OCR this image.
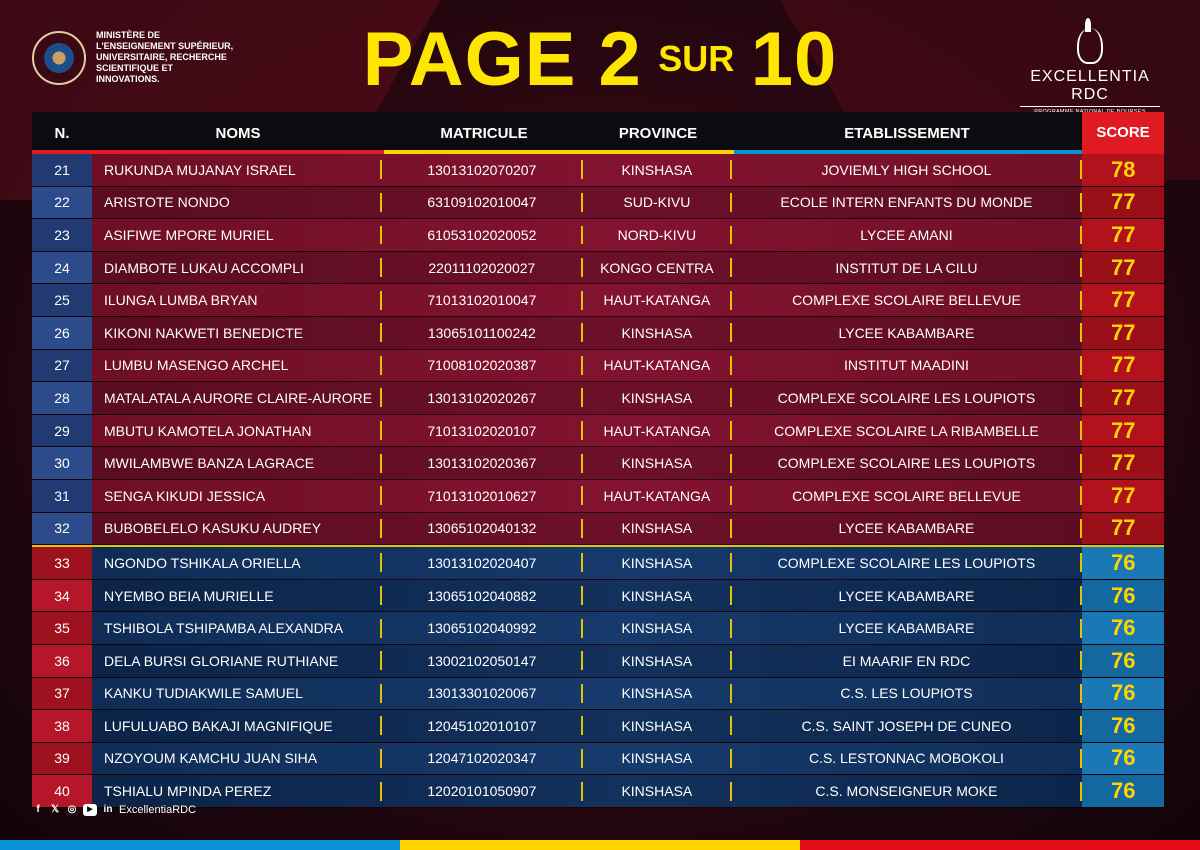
MINISTÈRE DE
L'ENSEIGNEMENT SUPÉRIEUR,
UNIVERSITAIRE, RECHERCHE
SCIENTIFIQUE ET INNOVATIONS.	PAGE 2 SUR 10	EXCELLENTIA RDC
N.	NOMS	MATRICULE	PROVINCE	ETABLISSEMENT	SCORE
21	RUKUNDA MUJANAY ISRAEL	13013102070207	KINSHASA	JOVIEMLY HIGH SCHOOL	78
22	ARISTOTE NONDO	63109102010047	SUD-KIVU	ECOLE INTERN ENFANTS DU MONDE	77
23	ASIFIWE MPORE MURIEL	61053102020052	NORD-KIVU	LYCEE AMANI	77
24	DIAMBOTE LUKAU ACCOMPLI	22011102020027	KONGO CENTRA	INSTITUT DE LA CILU	77
25	ILUNGA LUMBA BRYAN	71013102010047	HAUT-KATANGA	COMPLEXE SCOLAIRE BELLEVUE	77
26	KIKONI NAKWETI BENEDICTE	13065101100242	KINSHASA	LYCEE KABAMBARE	77
27	LUMBU MASENGO ARCHEL	71008102020387	HAUT-KATANGA	INSTITUT MAADINI	77
28	MATALATALA AURORE CLAIRE-AURORE	13013102020267	KINSHASA	COMPLEXE SCOLAIRE LES LOUPIOTS	77
29	MBUTU KAMOTELA JONATHAN	71013102020107	HAUT-KATANGA	COMPLEXE SCOLAIRE LA RIBAMBELLE	77
30	MWILAMBWE BANZA LAGRACE	13013102020367	KINSHASA	COMPLEXE SCOLAIRE LES LOUPIOTS	77
31	SENGA KIKUDI JESSICA	71013102010627	HAUT-KATANGA	COMPLEXE SCOLAIRE BELLEVUE	77
32	BUBOBELELO KASUKU AUDREY	13065102040132	KINSHASA	LYCEE KABAMBARE	77
33	NGONDO TSHIKALA ORIELLA	13013102020407	KINSHASA	COMPLEXE SCOLAIRE LES LOUPIOTS	76
34	NYEMBO BEIA MURIELLE	13065102040882	KINSHASA	LYCEE KABAMBARE	76
35	TSHIBOLA TSHIPAMBA ALEXANDRA	13065102040992	KINSHASA	LYCEE KABAMBARE	76
36	DELA BURSI GLORIANE RUTHIANE	13002102050147	KINSHASA	EI MAARIF EN RDC	76
37	KANKU TUDIAKWILE SAMUEL	13013301020067	KINSHASA	C.S. LES LOUPIOTS	76
38	LUFULUABO BAKAJI MAGNIFIQUE	12045102010107	KINSHASA	C.S. SAINT JOSEPH DE CUNEO	76
39	NZOYOUM KAMCHU JUAN SIHA	12047102020347	KINSHASA	C.S. LESTONNAC MOBOKOLI	76
40	TSHIALU MPINDA PEREZ	12020101050907	KINSHASA	C.S. MONSEIGNEUR MOKE	76
f	𝕏 ◎	▶	in ExcellentiaRDC
